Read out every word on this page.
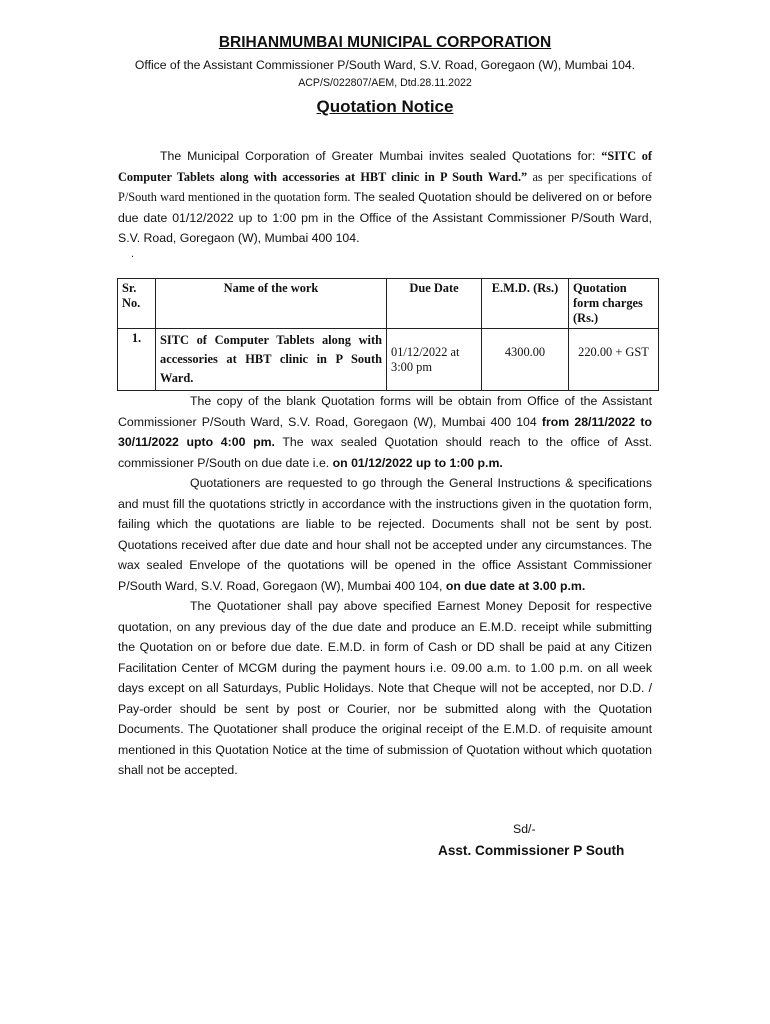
BRIHANMUMBAI MUNICIPAL CORPORATION
Office of the Assistant Commissioner P/South Ward, S.V. Road, Goregaon (W), Mumbai 104.
ACP/S/022807/AEM, Dtd.28.11.2022
Quotation Notice

The Municipal Corporation of Greater Mumbai invites sealed Quotations for: “SITC of Computer Tablets along with accessories at HBT clinic in P South Ward.” as per specifications of P/South ward mentioned in the quotation form. The sealed Quotation should be delivered on or before due date 01/12/2022 up to 1:00 pm in the Office of the Assistant Commissioner P/South Ward, S.V. Road, Goregaon (W), Mumbai 400 104.

.
Sr. No.	Name of the work	Due Date	E.M.D. (Rs.)	Quotation form charges (Rs.)
1.	SITC of Computer Tablets along with accessories at HBT clinic in P South Ward.	01/12/2022 at 3:00 pm	4300.00	220.00 + GST

The copy of the blank Quotation forms will be obtain from Office of the Assistant Commissioner P/South Ward, S.V. Road, Goregaon (W), Mumbai 400 104 from 28/11/2022 to 30/11/2022 upto 4:00 pm. The wax sealed Quotation should reach to the office of Asst. commissioner P/South on due date i.e. on 01/12/2022 up to 1:00 p.m.

Quotationers are requested to go through the General Instructions & specifications and must fill the quotations strictly in accordance with the instructions given in the quotation form, failing which the quotations are liable to be rejected. Documents shall not be sent by post. Quotations received after due date and hour shall not be accepted under any circumstances. The wax sealed Envelope of the quotations will be opened in the office Assistant Commissioner P/South Ward, S.V. Road, Goregaon (W), Mumbai 400 104, on due date at 3.00 p.m.

The Quotationer shall pay above specified Earnest Money Deposit for respective quotation, on any previous day of the due date and produce an E.M.D. receipt while submitting the Quotation on or before due date. E.M.D. in form of Cash or DD shall be paid at any Citizen Facilitation Center of MCGM during the payment hours i.e. 09.00 a.m. to 1.00 p.m. on all week days except on all Saturdays, Public Holidays. Note that Cheque will not be accepted, nor D.D. / Pay-order should be sent by post or Courier, nor be submitted along with the Quotation Documents. The Quotationer shall produce the original receipt of the E.M.D. of requisite amount mentioned in this Quotation Notice at the time of submission of Quotation without which quotation shall not be accepted.

Sd/-
Asst. Commissioner P South
